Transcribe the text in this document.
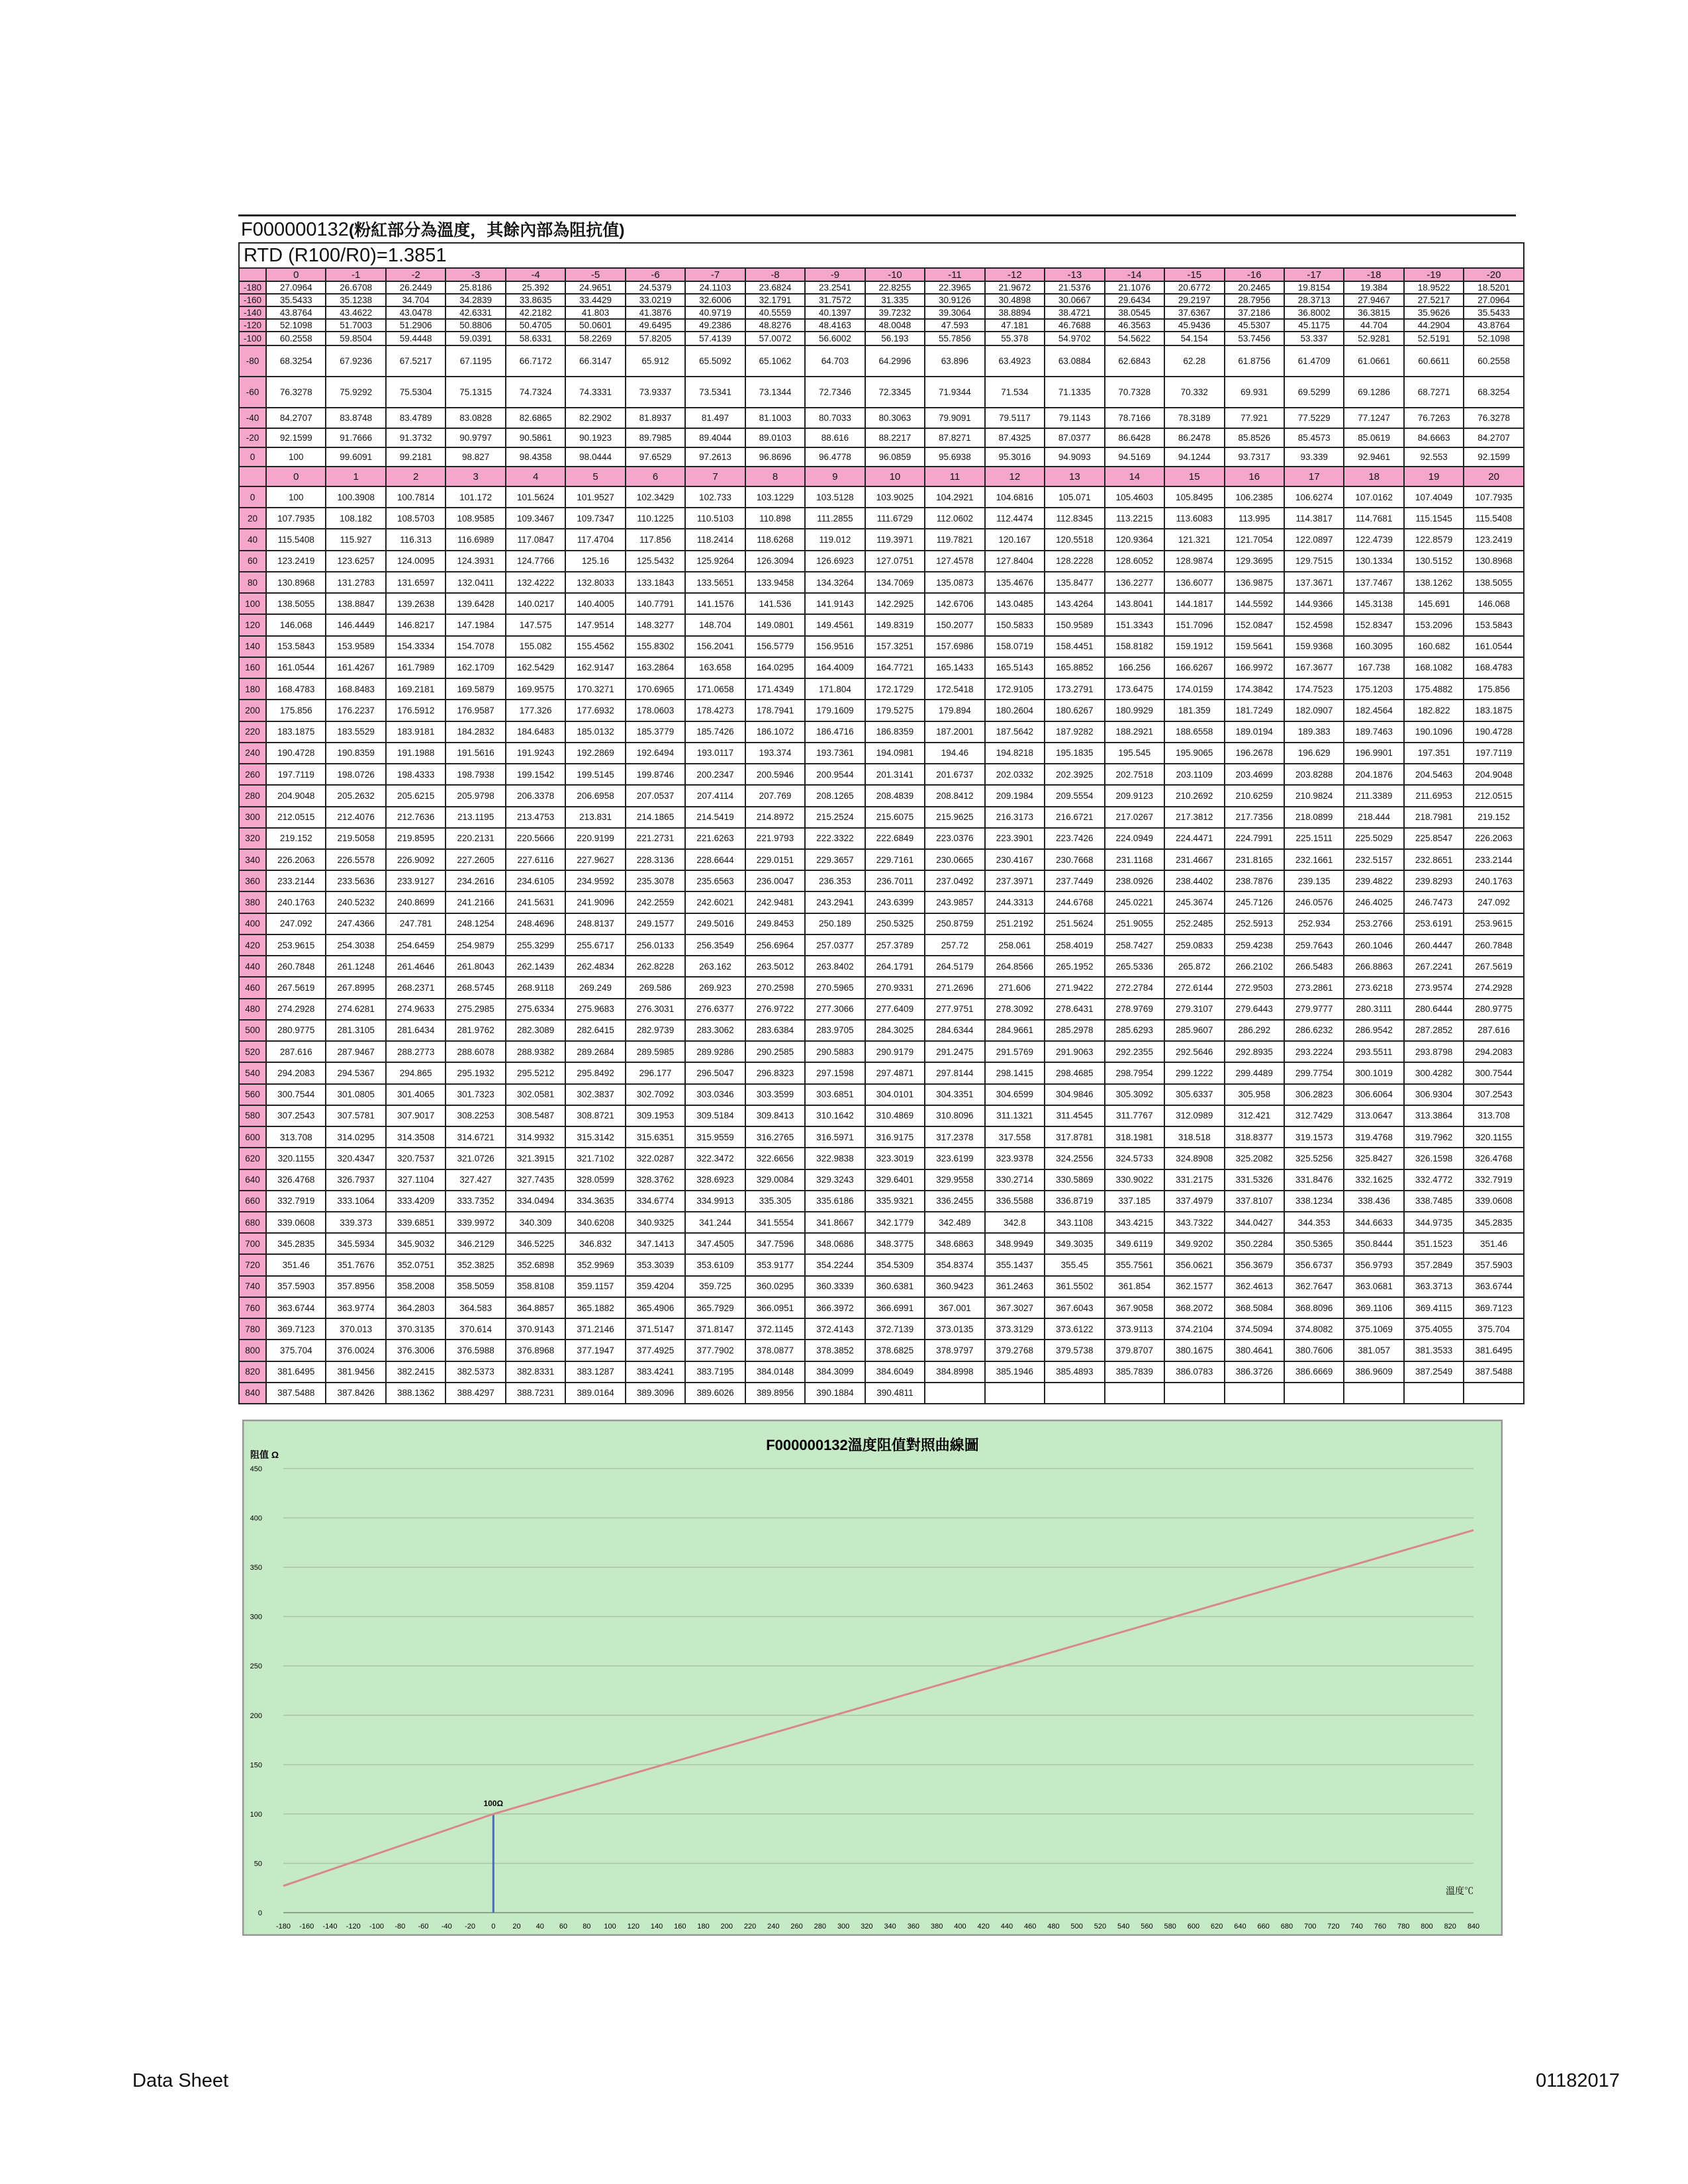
F000000132(粉紅部分為溫度，其餘內部為阻抗值)
RTD (R100/R0)=1.3851																					
	0	-1	-2	-3	-4	-5	-6	-7	-8	-9	-10	-11	-12	-13	-14	-15	-16	-17	-18	-19	-20
-180	27.0964	26.6708	26.2449	25.8186	25.392	24.9651	24.5379	24.1103	23.6824	23.2541	22.8255	22.3965	21.9672	21.5376	21.1076	20.6772	20.2465	19.8154	19.384	18.9522	18.5201
-160	35.5433	35.1238	34.704	34.2839	33.8635	33.4429	33.0219	32.6006	32.1791	31.7572	31.335	30.9126	30.4898	30.0667	29.6434	29.2197	28.7956	28.3713	27.9467	27.5217	27.0964
-140	43.8764	43.4622	43.0478	42.6331	42.2182	41.803	41.3876	40.9719	40.5559	40.1397	39.7232	39.3064	38.8894	38.4721	38.0545	37.6367	37.2186	36.8002	36.3815	35.9626	35.5433
-120	52.1098	51.7003	51.2906	50.8806	50.4705	50.0601	49.6495	49.2386	48.8276	48.4163	48.0048	47.593	47.181	46.7688	46.3563	45.9436	45.5307	45.1175	44.704	44.2904	43.8764
-100	60.2558	59.8504	59.4448	59.0391	58.6331	58.2269	57.8205	57.4139	57.0072	56.6002	56.193	55.7856	55.378	54.9702	54.5622	54.154	53.7456	53.337	52.9281	52.5191	52.1098
-80	68.3254	67.9236	67.5217	67.1195	66.7172	66.3147	65.912	65.5092	65.1062	64.703	64.2996	63.896	63.4923	63.0884	62.6843	62.28	61.8756	61.4709	61.0661	60.6611	60.2558
-60	76.3278	75.9292	75.5304	75.1315	74.7324	74.3331	73.9337	73.5341	73.1344	72.7346	72.3345	71.9344	71.534	71.1335	70.7328	70.332	69.931	69.5299	69.1286	68.7271	68.3254
-40	84.2707	83.8748	83.4789	83.0828	82.6865	82.2902	81.8937	81.497	81.1003	80.7033	80.3063	79.9091	79.5117	79.1143	78.7166	78.3189	77.921	77.5229	77.1247	76.7263	76.3278
-20	92.1599	91.7666	91.3732	90.9797	90.5861	90.1923	89.7985	89.4044	89.0103	88.616	88.2217	87.8271	87.4325	87.0377	86.6428	86.2478	85.8526	85.4573	85.0619	84.6663	84.2707
0	100	99.6091	99.2181	98.827	98.4358	98.0444	97.6529	97.2613	96.8696	96.4778	96.0859	95.6938	95.3016	94.9093	94.5169	94.1244	93.7317	93.339	92.9461	92.553	92.1599
	0	1	2	3	4	5	6	7	8	9	10	11	12	13	14	15	16	17	18	19	20
0	100	100.3908	100.7814	101.172	101.5624	101.9527	102.3429	102.733	103.1229	103.5128	103.9025	104.2921	104.6816	105.071	105.4603	105.8495	106.2385	106.6274	107.0162	107.4049	107.7935
20	107.7935	108.182	108.5703	108.9585	109.3467	109.7347	110.1225	110.5103	110.898	111.2855	111.6729	112.0602	112.4474	112.8345	113.2215	113.6083	113.995	114.3817	114.7681	115.1545	115.5408
40	115.5408	115.927	116.313	116.6989	117.0847	117.4704	117.856	118.2414	118.6268	119.012	119.3971	119.7821	120.167	120.5518	120.9364	121.321	121.7054	122.0897	122.4739	122.8579	123.2419
60	123.2419	123.6257	124.0095	124.3931	124.7766	125.16	125.5432	125.9264	126.3094	126.6923	127.0751	127.4578	127.8404	128.2228	128.6052	128.9874	129.3695	129.7515	130.1334	130.5152	130.8968
80	130.8968	131.2783	131.6597	132.0411	132.4222	132.8033	133.1843	133.5651	133.9458	134.3264	134.7069	135.0873	135.4676	135.8477	136.2277	136.6077	136.9875	137.3671	137.7467	138.1262	138.5055
100	138.5055	138.8847	139.2638	139.6428	140.0217	140.4005	140.7791	141.1576	141.536	141.9143	142.2925	142.6706	143.0485	143.4264	143.8041	144.1817	144.5592	144.9366	145.3138	145.691	146.068
120	146.068	146.4449	146.8217	147.1984	147.575	147.9514	148.3277	148.704	149.0801	149.4561	149.8319	150.2077	150.5833	150.9589	151.3343	151.7096	152.0847	152.4598	152.8347	153.2096	153.5843
140	153.5843	153.9589	154.3334	154.7078	155.082	155.4562	155.8302	156.2041	156.5779	156.9516	157.3251	157.6986	158.0719	158.4451	158.8182	159.1912	159.5641	159.9368	160.3095	160.682	161.0544
160	161.0544	161.4267	161.7989	162.1709	162.5429	162.9147	163.2864	163.658	164.0295	164.4009	164.7721	165.1433	165.5143	165.8852	166.256	166.6267	166.9972	167.3677	167.738	168.1082	168.4783
180	168.4783	168.8483	169.2181	169.5879	169.9575	170.3271	170.6965	171.0658	171.4349	171.804	172.1729	172.5418	172.9105	173.2791	173.6475	174.0159	174.3842	174.7523	175.1203	175.4882	175.856
200	175.856	176.2237	176.5912	176.9587	177.326	177.6932	178.0603	178.4273	178.7941	179.1609	179.5275	179.894	180.2604	180.6267	180.9929	181.359	181.7249	182.0907	182.4564	182.822	183.1875
220	183.1875	183.5529	183.9181	184.2832	184.6483	185.0132	185.3779	185.7426	186.1072	186.4716	186.8359	187.2001	187.5642	187.9282	188.2921	188.6558	189.0194	189.383	189.7463	190.1096	190.4728
240	190.4728	190.8359	191.1988	191.5616	191.9243	192.2869	192.6494	193.0117	193.374	193.7361	194.0981	194.46	194.8218	195.1835	195.545	195.9065	196.2678	196.629	196.9901	197.351	197.7119
260	197.7119	198.0726	198.4333	198.7938	199.1542	199.5145	199.8746	200.2347	200.5946	200.9544	201.3141	201.6737	202.0332	202.3925	202.7518	203.1109	203.4699	203.8288	204.1876	204.5463	204.9048
280	204.9048	205.2632	205.6215	205.9798	206.3378	206.6958	207.0537	207.4114	207.769	208.1265	208.4839	208.8412	209.1984	209.5554	209.9123	210.2692	210.6259	210.9824	211.3389	211.6953	212.0515
300	212.0515	212.4076	212.7636	213.1195	213.4753	213.831	214.1865	214.5419	214.8972	215.2524	215.6075	215.9625	216.3173	216.6721	217.0267	217.3812	217.7356	218.0899	218.444	218.7981	219.152
320	219.152	219.5058	219.8595	220.2131	220.5666	220.9199	221.2731	221.6263	221.9793	222.3322	222.6849	223.0376	223.3901	223.7426	224.0949	224.4471	224.7991	225.1511	225.5029	225.8547	226.2063
340	226.2063	226.5578	226.9092	227.2605	227.6116	227.9627	228.3136	228.6644	229.0151	229.3657	229.7161	230.0665	230.4167	230.7668	231.1168	231.4667	231.8165	232.1661	232.5157	232.8651	233.2144
360	233.2144	233.5636	233.9127	234.2616	234.6105	234.9592	235.3078	235.6563	236.0047	236.353	236.7011	237.0492	237.3971	237.7449	238.0926	238.4402	238.7876	239.135	239.4822	239.8293	240.1763
380	240.1763	240.5232	240.8699	241.2166	241.5631	241.9096	242.2559	242.6021	242.9481	243.2941	243.6399	243.9857	244.3313	244.6768	245.0221	245.3674	245.7126	246.0576	246.4025	246.7473	247.092
400	247.092	247.4366	247.781	248.1254	248.4696	248.8137	249.1577	249.5016	249.8453	250.189	250.5325	250.8759	251.2192	251.5624	251.9055	252.2485	252.5913	252.934	253.2766	253.6191	253.9615
420	253.9615	254.3038	254.6459	254.9879	255.3299	255.6717	256.0133	256.3549	256.6964	257.0377	257.3789	257.72	258.061	258.4019	258.7427	259.0833	259.4238	259.7643	260.1046	260.4447	260.7848
440	260.7848	261.1248	261.4646	261.8043	262.1439	262.4834	262.8228	263.162	263.5012	263.8402	264.1791	264.5179	264.8566	265.1952	265.5336	265.872	266.2102	266.5483	266.8863	267.2241	267.5619
460	267.5619	267.8995	268.2371	268.5745	268.9118	269.249	269.586	269.923	270.2598	270.5965	270.9331	271.2696	271.606	271.9422	272.2784	272.6144	272.9503	273.2861	273.6218	273.9574	274.2928
480	274.2928	274.6281	274.9633	275.2985	275.6334	275.9683	276.3031	276.6377	276.9722	277.3066	277.6409	277.9751	278.3092	278.6431	278.9769	279.3107	279.6443	279.9777	280.3111	280.6444	280.9775
500	280.9775	281.3105	281.6434	281.9762	282.3089	282.6415	282.9739	283.3062	283.6384	283.9705	284.3025	284.6344	284.9661	285.2978	285.6293	285.9607	286.292	286.6232	286.9542	287.2852	287.616
520	287.616	287.9467	288.2773	288.6078	288.9382	289.2684	289.5985	289.9286	290.2585	290.5883	290.9179	291.2475	291.5769	291.9063	292.2355	292.5646	292.8935	293.2224	293.5511	293.8798	294.2083
540	294.2083	294.5367	294.865	295.1932	295.5212	295.8492	296.177	296.5047	296.8323	297.1598	297.4871	297.8144	298.1415	298.4685	298.7954	299.1222	299.4489	299.7754	300.1019	300.4282	300.7544
560	300.7544	301.0805	301.4065	301.7323	302.0581	302.3837	302.7092	303.0346	303.3599	303.6851	304.0101	304.3351	304.6599	304.9846	305.3092	305.6337	305.958	306.2823	306.6064	306.9304	307.2543
580	307.2543	307.5781	307.9017	308.2253	308.5487	308.8721	309.1953	309.5184	309.8413	310.1642	310.4869	310.8096	311.1321	311.4545	311.7767	312.0989	312.421	312.7429	313.0647	313.3864	313.708
600	313.708	314.0295	314.3508	314.6721	314.9932	315.3142	315.6351	315.9559	316.2765	316.5971	316.9175	317.2378	317.558	317.8781	318.1981	318.518	318.8377	319.1573	319.4768	319.7962	320.1155
620	320.1155	320.4347	320.7537	321.0726	321.3915	321.7102	322.0287	322.3472	322.6656	322.9838	323.3019	323.6199	323.9378	324.2556	324.5733	324.8908	325.2082	325.5256	325.8427	326.1598	326.4768
640	326.4768	326.7937	327.1104	327.427	327.7435	328.0599	328.3762	328.6923	329.0084	329.3243	329.6401	329.9558	330.2714	330.5869	330.9022	331.2175	331.5326	331.8476	332.1625	332.4772	332.7919
660	332.7919	333.1064	333.4209	333.7352	334.0494	334.3635	334.6774	334.9913	335.305	335.6186	335.9321	336.2455	336.5588	336.8719	337.185	337.4979	337.8107	338.1234	338.436	338.7485	339.0608
680	339.0608	339.373	339.6851	339.9972	340.309	340.6208	340.9325	341.244	341.5554	341.8667	342.1779	342.489	342.8	343.1108	343.4215	343.7322	344.0427	344.353	344.6633	344.9735	345.2835
700	345.2835	345.5934	345.9032	346.2129	346.5225	346.832	347.1413	347.4505	347.7596	348.0686	348.3775	348.6863	348.9949	349.3035	349.6119	349.9202	350.2284	350.5365	350.8444	351.1523	351.46
720	351.46	351.7676	352.0751	352.3825	352.6898	352.9969	353.3039	353.6109	353.9177	354.2244	354.5309	354.8374	355.1437	355.45	355.7561	356.0621	356.3679	356.6737	356.9793	357.2849	357.5903
740	357.5903	357.8956	358.2008	358.5059	358.8108	359.1157	359.4204	359.725	360.0295	360.3339	360.6381	360.9423	361.2463	361.5502	361.854	362.1577	362.4613	362.7647	363.0681	363.3713	363.6744
760	363.6744	363.9774	364.2803	364.583	364.8857	365.1882	365.4906	365.7929	366.0951	366.3972	366.6991	367.001	367.3027	367.6043	367.9058	368.2072	368.5084	368.8096	369.1106	369.4115	369.7123
780	369.7123	370.013	370.3135	370.614	370.9143	371.2146	371.5147	371.8147	372.1145	372.4143	372.7139	373.0135	373.3129	373.6122	373.9113	374.2104	374.5094	374.8082	375.1069	375.4055	375.704
800	375.704	376.0024	376.3006	376.5988	376.8968	377.1947	377.4925	377.7902	378.0877	378.3852	378.6825	378.9797	379.2768	379.5738	379.8707	380.1675	380.4641	380.7606	381.057	381.3533	381.6495
820	381.6495	381.9456	382.2415	382.5373	382.8331	383.1287	383.4241	383.7195	384.0148	384.3099	384.6049	384.8998	385.1946	385.4893	385.7839	386.0783	386.3726	386.6669	386.9609	387.2549	387.5488
840	387.5488	387.8426	388.1362	388.4297	388.7231	389.0164	389.3096	389.6026	389.8956	390.1884	390.4811										
F000000132溫度阻值對照曲線圖
阻值 Ω
溫度℃
450
400
350
300
250
200
150
100
50
0
-180 -160 -140 -120 -100 -80 -60 -40 -20 0 20 40 60 80 100 120 140 160 180 200 220 240 260 280 300 320 340 360 380 400 420 440 460 480 500 520 540 560 580 600 620 640 660 680 700 720 740 760 780 800 820 840
100Ω
Data Sheet	01182017
